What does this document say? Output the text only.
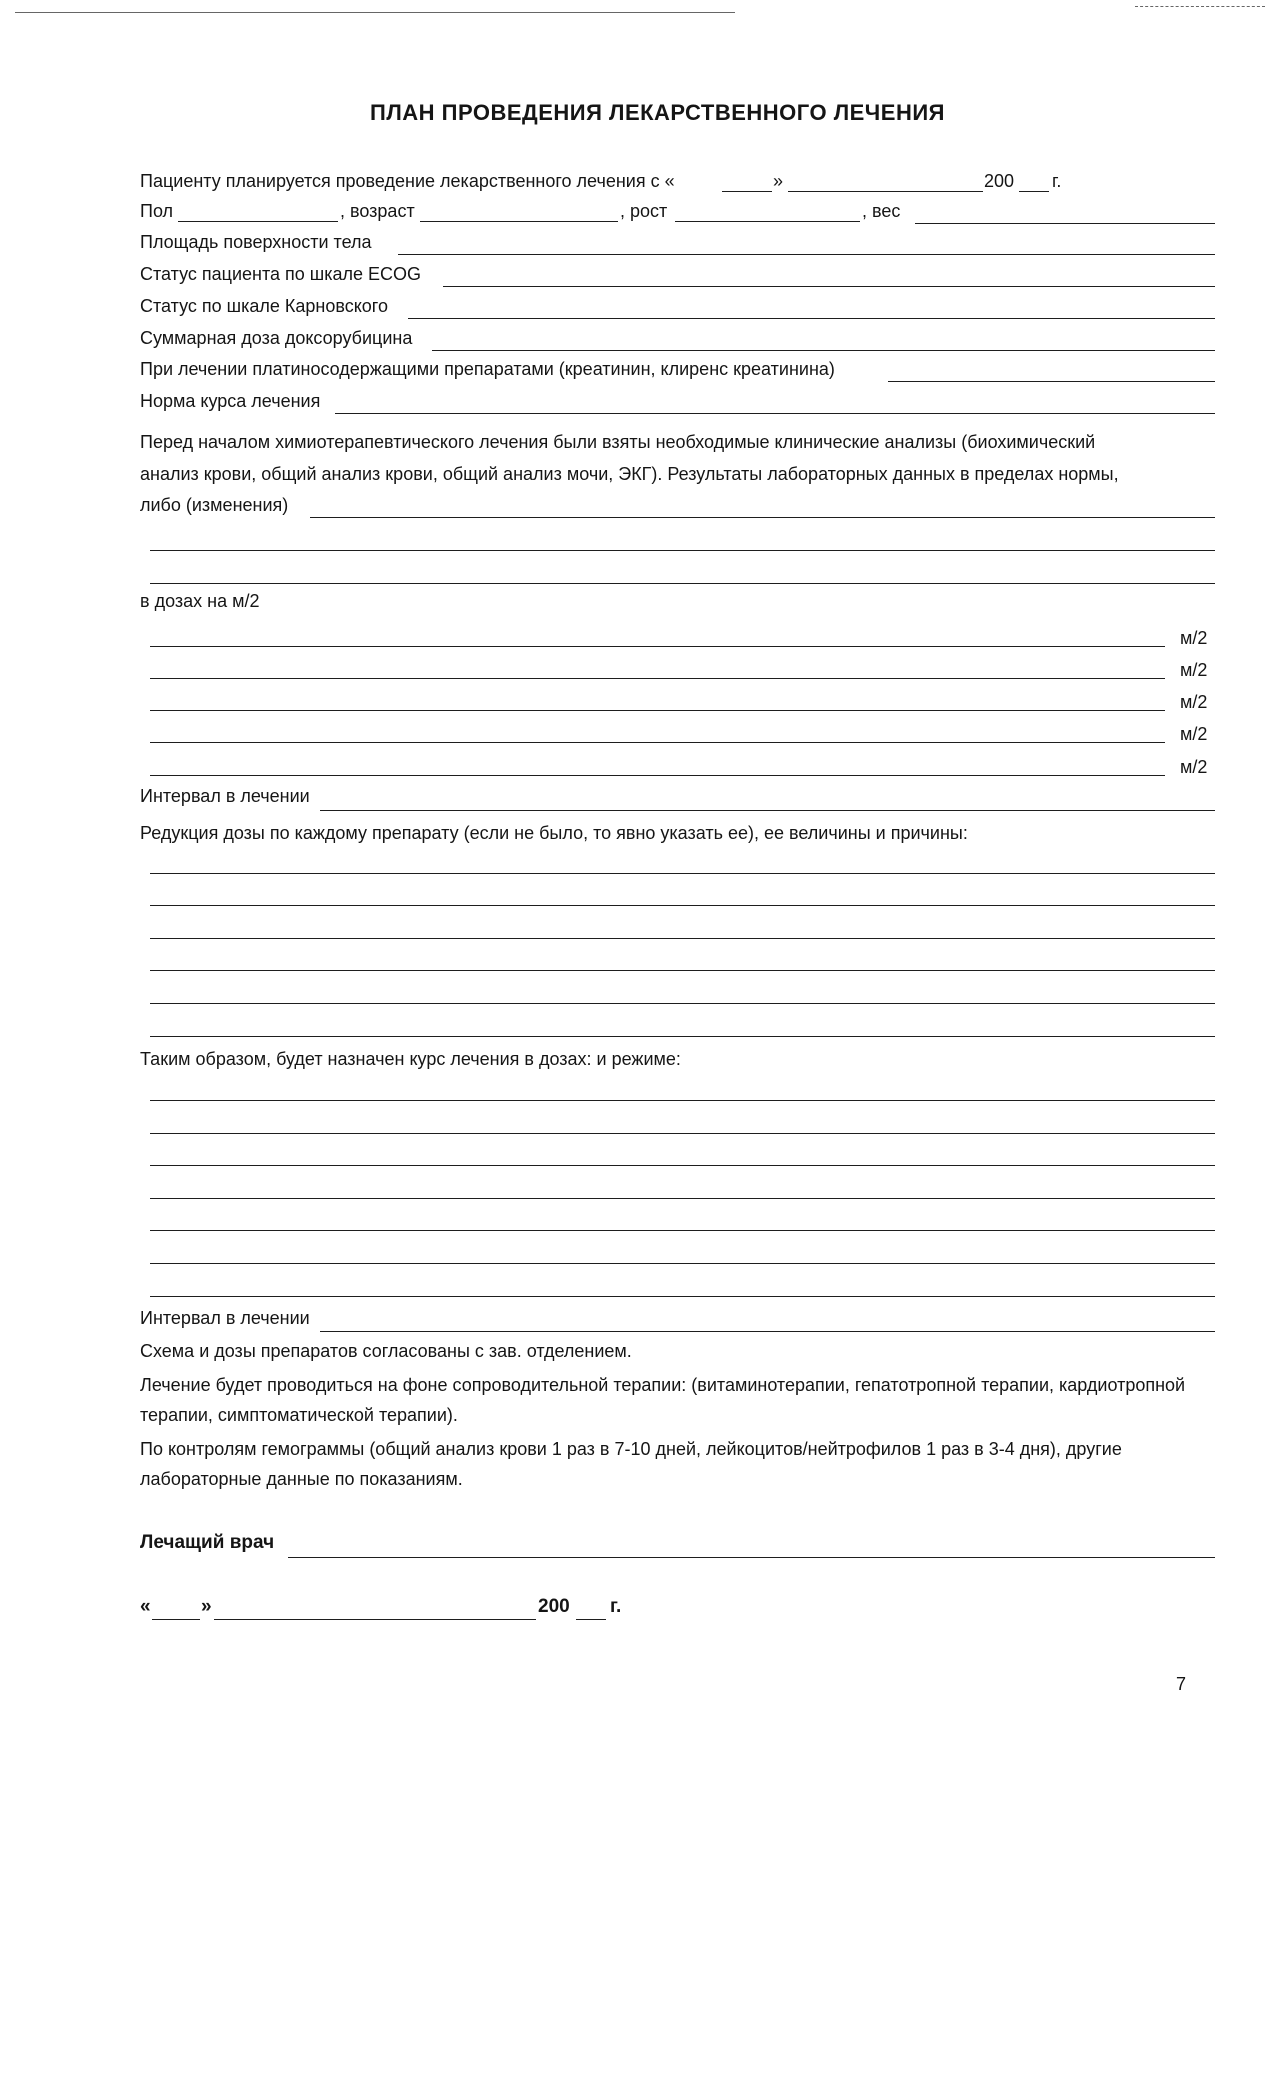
ПЛАН ПРОВЕДЕНИЯ ЛЕКАРСТВЕННОГО ЛЕЧЕНИЯ
Пациенту планируется проведение лекарственного лечения с «	»	200 г.
Пол	, возраст	, рост	, вес
Площадь поверхности тела
Статус пациента по шкале ECOG
Статус по шкале Карновского
Суммарная доза доксорубицина
При лечении платиносодержащими препаратами (креатинин, клиренс креатинина)
Норма курса лечения
Перед началом химиотерапевтического лечения были взяты необходимые клинические анализы (биохимический
анализ крови, общий анализ крови, общий анализ мочи, ЭКГ). Результаты лабораторных данных в пределах нормы,
либо (изменения)
в дозах на м/2
м/2
м/2
м/2
м/2
м/2
Интервал в лечении
Редукция дозы по каждому препарату (если не было, то явно указать ее), ее величины и причины:
Таким образом, будет назначен курс лечения в дозах: и режиме:
Интервал в лечении
Схема и дозы препаратов согласованы с зав. отделением.
Лечение будет проводиться на фоне сопроводительной терапии: (витаминотерапии, гепатотропной терапии, кардиотропной
терапии, симптоматической терапии).
По контролям гемограммы (общий анализ крови 1 раз в 7-10 дней, лейкоцитов/нейтрофилов 1 раз в 3-4 дня), другие
лабораторные данные по показаниям.
Лечащий врач
«	»	200 г.
7
